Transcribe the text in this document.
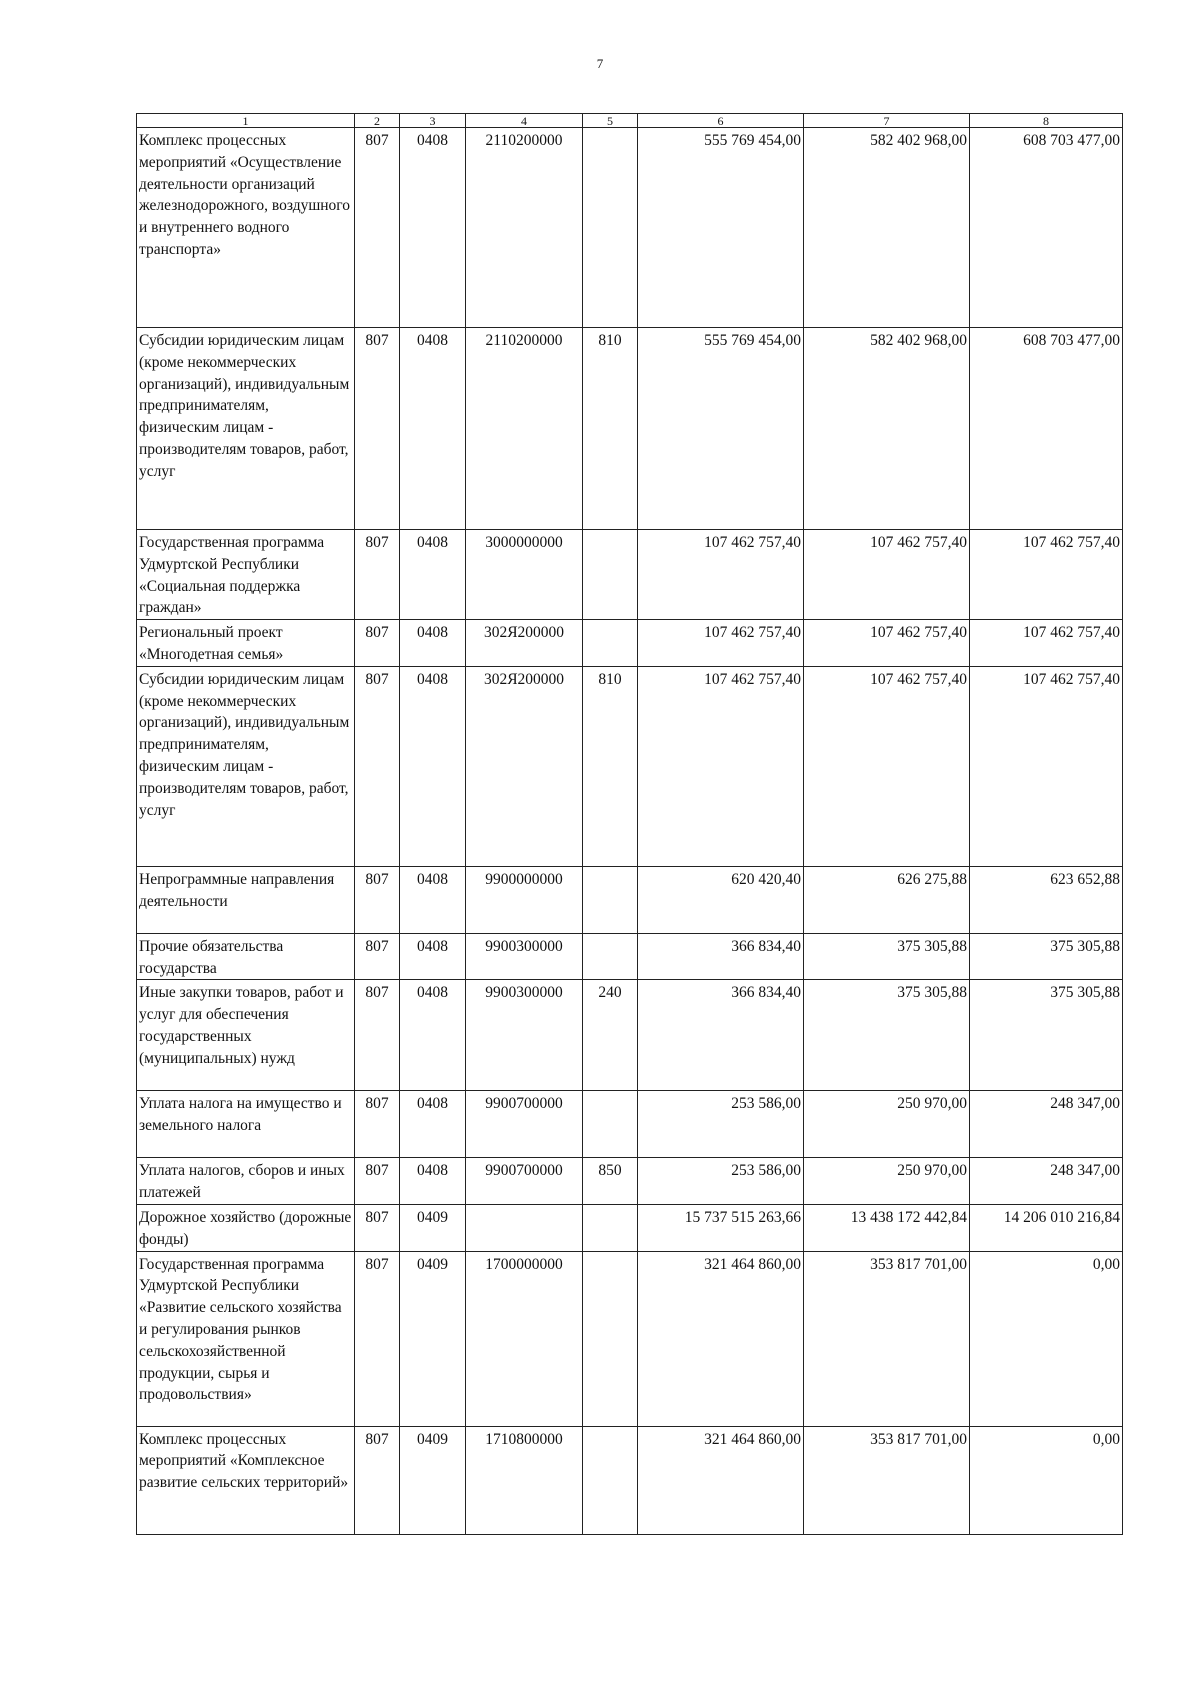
7
1	2	3	4	5	6	7	8
Комплекс процессных мероприятий «Осуществление деятельности организаций железнодорожного, воздушного и внутреннего водного транспорта»	807	0408	2110200000		555 769 454,00	582 402 968,00	608 703 477,00
Субсидии юридическим лицам (кроме некоммерческих организаций), индивидуальным предпринимателям, физическим лицам - производителям товаров, работ, услуг	807	0408	2110200000	810	555 769 454,00	582 402 968,00	608 703 477,00
Государственная программа Удмуртской Республики «Социальная поддержка граждан»	807	0408	3000000000		107 462 757,40	107 462 757,40	107 462 757,40
Региональный проект «Многодетная семья»	807	0408	302Я200000		107 462 757,40	107 462 757,40	107 462 757,40
Субсидии юридическим лицам (кроме некоммерческих организаций), индивидуальным предпринимателям, физическим лицам - производителям товаров, работ, услуг	807	0408	302Я200000	810	107 462 757,40	107 462 757,40	107 462 757,40
Непрограммные направления деятельности	807	0408	9900000000		620 420,40	626 275,88	623 652,88
Прочие обязательства государства	807	0408	9900300000		366 834,40	375 305,88	375 305,88
Иные закупки товаров, работ и услуг для обеспечения государственных (муниципальных) нужд	807	0408	9900300000	240	366 834,40	375 305,88	375 305,88
Уплата налога на имущество и земельного налога	807	0408	9900700000		253 586,00	250 970,00	248 347,00
Уплата налогов, сборов и иных платежей	807	0408	9900700000	850	253 586,00	250 970,00	248 347,00
Дорожное хозяйство (дорожные фонды)	807	0409			15 737 515 263,66	13 438 172 442,84	14 206 010 216,84
Государственная программа Удмуртской Республики «Развитие сельского хозяйства и регулирования рынков сельскохозяйственной продукции, сырья и продовольствия»	807	0409	1700000000		321 464 860,00	353 817 701,00	0,00
Комплекс процессных мероприятий «Комплексное развитие сельских территорий»	807	0409	1710800000		321 464 860,00	353 817 701,00	0,00
